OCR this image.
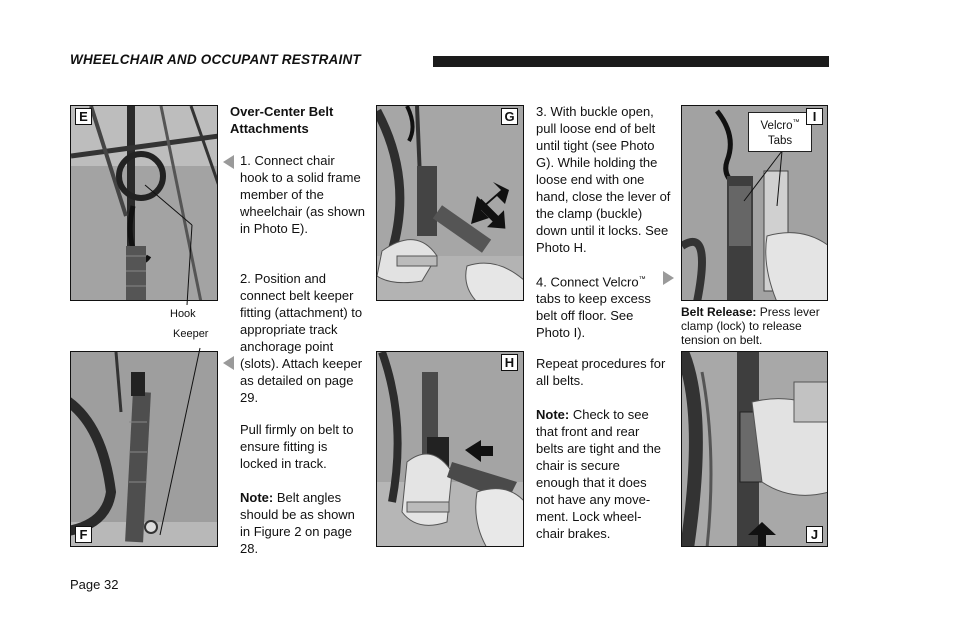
WHEELCHAIR AND OCCUPANT RESTRAINT
E
F
Hook
Keeper
Over-Center Belt Attachments
1. Connect chair hook to a solid frame member of the wheelchair (as shown in Photo E).
2. Position and connect belt keeper fitting (attachment) to appropriate track anchorage point (slots). Attach keeper as detailed on page 29.
Pull firmly on belt to ensure fitting is locked in track.
Note: Belt angles should be as shown in Figure 2 on page 28.
G
H
3. With buckle open, pull loose end of belt until tight (see Photo G). While holding the loose end with one hand, close the lever of the clamp (buckle) down until it locks. See Photo H.
4. Connect Velcro™ tabs to keep excess belt off floor. See Photo I).
Repeat procedures for all belts.
Note: Check to see that front and rear belts are tight and the chair is secure enough that it does not have any move-ment. Lock wheel-chair brakes.
Velcro™
Tabs
I
Belt Release: Press lever clamp (lock) to release tension on belt.
J
Page 32
